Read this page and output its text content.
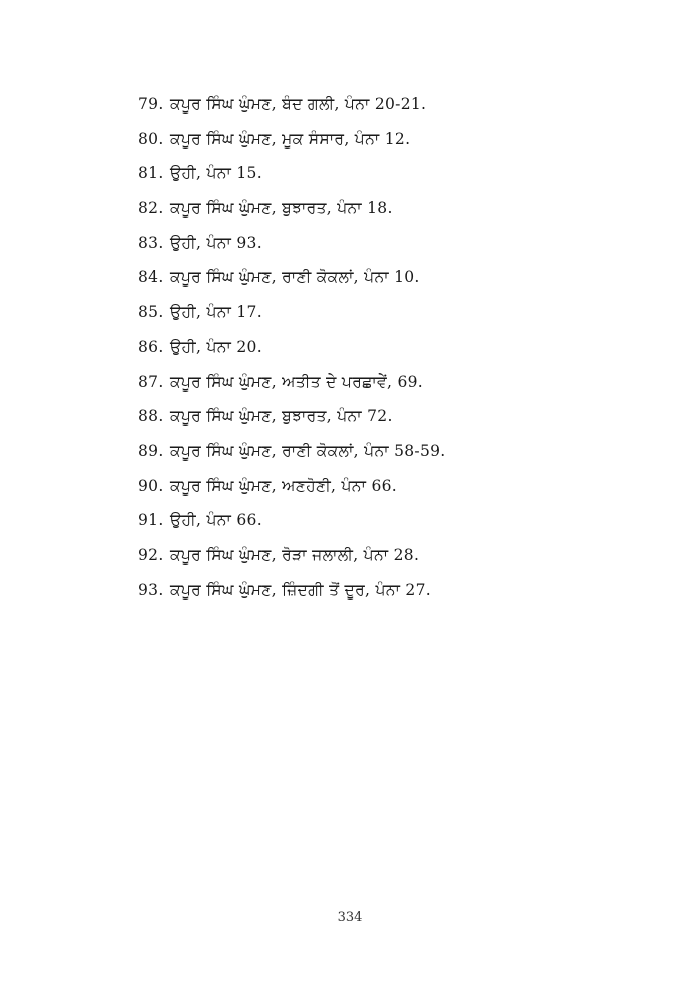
79. ਕਪੂਰ ਸਿੰਘ ਘੁੰਮਣ, ਬੰਦ ਗਲੀ, ਪੰਨਾ 20-21.
80. ਕਪੂਰ ਸਿੰਘ ਘੁੰਮਣ, ਮੂਕ ਸੰਸਾਰ, ਪੰਨਾ 12.
81. ਉਹੀ, ਪੰਨਾ 15.
82. ਕਪੂਰ ਸਿੰਘ ਘੁੰਮਣ, ਬੁਝਾਰਤ, ਪੰਨਾ 18.
83. ਉਹੀ, ਪੰਨਾ 93.
84. ਕਪੂਰ ਸਿੰਘ ਘੁੰਮਣ, ਰਾਣੀ ਕੋਕਲਾਂ, ਪੰਨਾ 10.
85. ਉਹੀ, ਪੰਨਾ 17.
86. ਉਹੀ, ਪੰਨਾ 20.
87. ਕਪੂਰ ਸਿੰਘ ਘੁੰਮਣ, ਅਤੀਤ ਦੇ ਪਰਛਾਵੇਂ, 69.
88. ਕਪੂਰ ਸਿੰਘ ਘੁੰਮਣ, ਬੁਝਾਰਤ, ਪੰਨਾ 72.
89. ਕਪੂਰ ਸਿੰਘ ਘੁੰਮਣ, ਰਾਣੀ ਕੋਕਲਾਂ, ਪੰਨਾ 58-59.
90. ਕਪੂਰ ਸਿੰਘ ਘੁੰਮਣ, ਅਣਹੋਣੀ, ਪੰਨਾ 66.
91. ਉਹੀ, ਪੰਨਾ 66.
92. ਕਪੂਰ ਸਿੰਘ ਘੁੰਮਣ, ਰੋੜਾ ਜਲਾਲੀ, ਪੰਨਾ 28.
93. ਕਪੂਰ ਸਿੰਘ ਘੁੰਮਣ, ਜ਼ਿੰਦਗੀ ਤੋਂ ਦੂਰ, ਪੰਨਾ 27.
334
